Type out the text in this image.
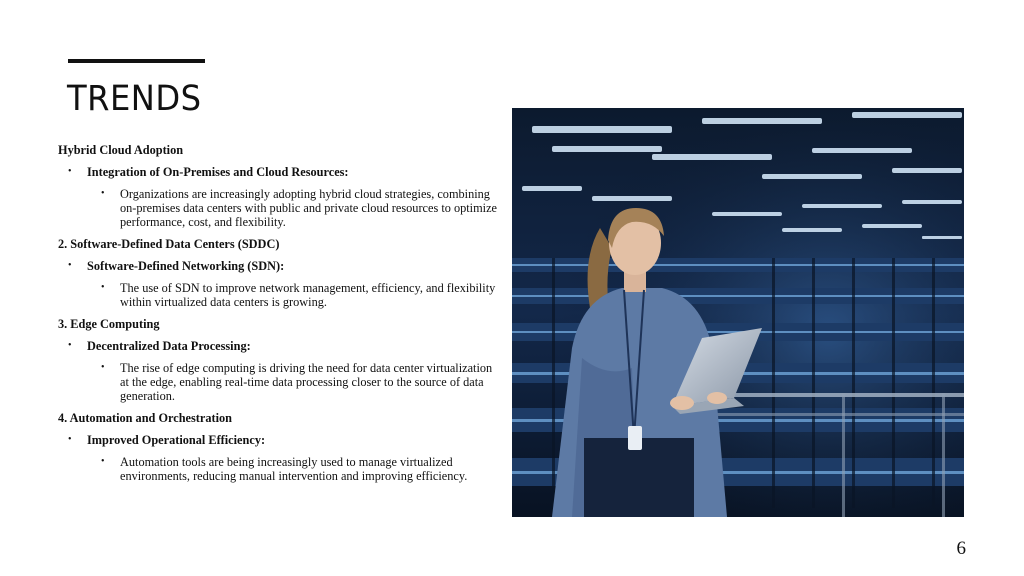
TRENDS

Hybrid Cloud Adoption

• Integration of On-Premises and Cloud Resources:

• Organizations are increasingly adopting hybrid cloud strategies, combining on-premises data centers with public and private cloud resources to optimize performance, cost, and flexibility.

2. Software-Defined Data Centers (SDDC)

• Software-Defined Networking (SDN):

• The use of SDN to improve network management, efficiency, and flexibility within virtualized data centers is growing.

3. Edge Computing

• Decentralized Data Processing:

• The rise of edge computing is driving the need for data center virtualization at the edge, enabling real-time data processing closer to the source of data generation.

4. Automation and Orchestration

• Improved Operational Efficiency:

• Automation tools are being increasingly used to manage virtualized environments, reducing manual intervention and improving efficiency.

6
